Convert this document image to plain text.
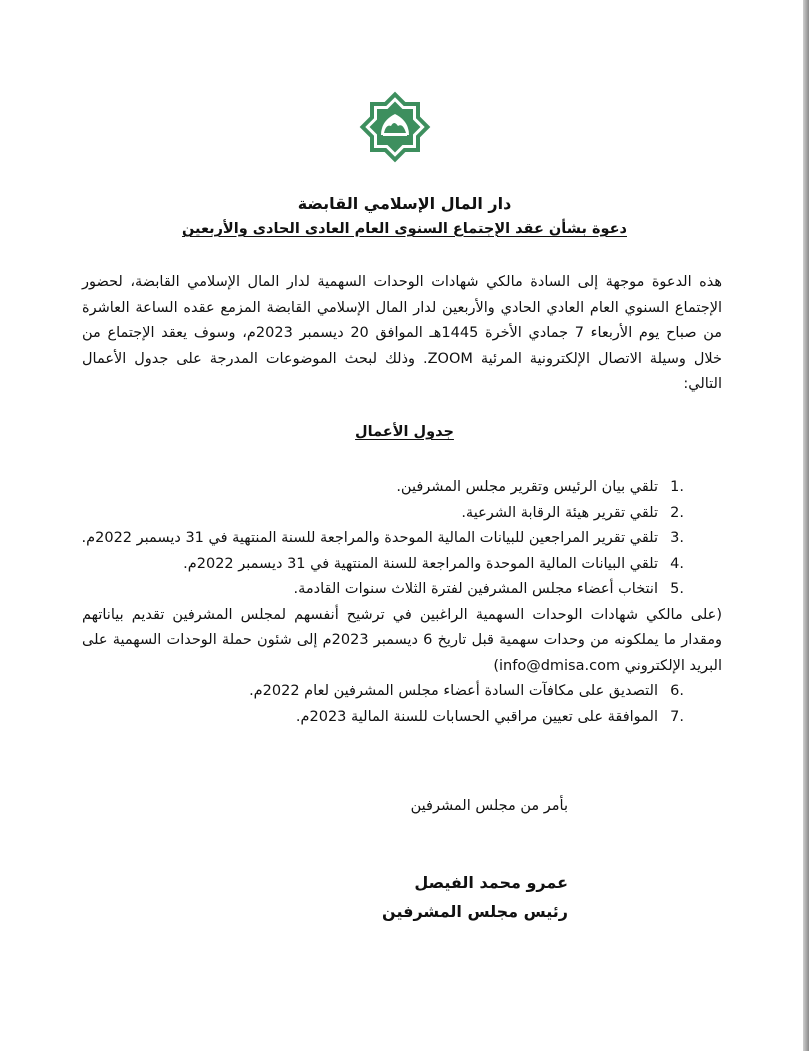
دار المال الإسلامي القابضة
دعوة بشأن عقد الإجتماع السنوى العام العادى الحادى والأربعين
هذه الدعوة موجهة إلى السادة مالكي شهادات الوحدات السهمية لدار المال الإسلامي القابضة، لحضور الإجتماع السنوي العام العادي الحادي والأربعين لدار المال الإسلامي القابضة المزمع عقده الساعة العاشرة من صباح يوم الأربعاء 7 جمادي الأخرة 1445هـ الموافق 20 ديسمبر 2023م، وسوف يعقد الإجتماع من خلال وسيلة الاتصال الإلكترونية المرئية ZOOM. وذلك لبحث الموضوعات المدرجة على جدول الأعمال التالي:
جدول الأعمال
1.
تلقي بيان الرئيس وتقرير مجلس المشرفين.
2.
تلقي تقرير هيئة الرقابة الشرعية.
3.
تلقي تقرير المراجعين للبيانات المالية الموحدة والمراجعة للسنة المنتهية في 31 ديسمبر 2022م.
4.
تلقي البيانات المالية الموحدة والمراجعة للسنة المنتهية في 31 ديسمبر 2022م.
5.
انتخاب أعضاء مجلس المشرفين لفترة الثلاث سنوات القادمة.
(على مالكي شهادات الوحدات السهمية الراغبين في ترشيح أنفسهم لمجلس المشرفين تقديم بياناتهم ومقدار ما يملكونه من وحدات سهمية قبل تاريخ 6 ديسمبر 2023م إلى شئون حملة الوحدات السهمية على البريد الإلكتروني info@dmisa.com)
6.
التصديق على مكافآت السادة أعضاء مجلس المشرفين لعام 2022م.
7.
الموافقة على تعيين مراقبي الحسابات للسنة المالية 2023م.
بأمر من مجلس المشرفين
عمرو محمد الفيصل
رئيس مجلس المشرفين
